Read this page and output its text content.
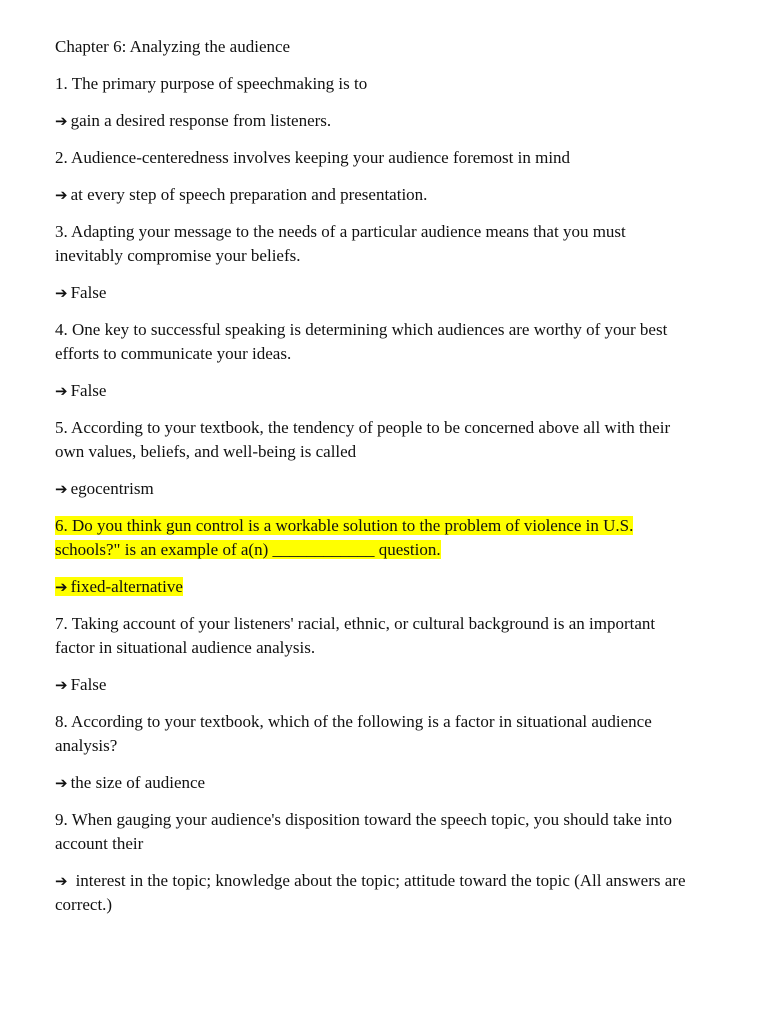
Chapter 6: Analyzing the audience

1. The primary purpose of speechmaking is to

➔ gain a desired response from listeners.

2. Audience-centeredness involves keeping your audience foremost in mind

➔ at every step of speech preparation and presentation.

3. Adapting your message to the needs of a particular audience means that you must inevitably compromise your beliefs.

➔ False

4. One key to successful speaking is determining which audiences are worthy of your best efforts to communicate your ideas.

➔ False

5. According to your textbook, the tendency of people to be concerned above all with their own values, beliefs, and well-being is called

➔ egocentrism

6. Do you think gun control is a workable solution to the problem of violence in U.S. schools?" is an example of a(n) ____________ question.

➔ fixed-alternative

7. Taking account of your listeners' racial, ethnic, or cultural background is an important factor in situational audience analysis.

➔ False

8. According to your textbook, which of the following is a factor in situational audience analysis?

➔ the size of audience

9. When gauging your audience's disposition toward the speech topic, you should take into account their

➔ interest in the topic; knowledge about the topic; attitude toward the topic (All answers are correct.)
